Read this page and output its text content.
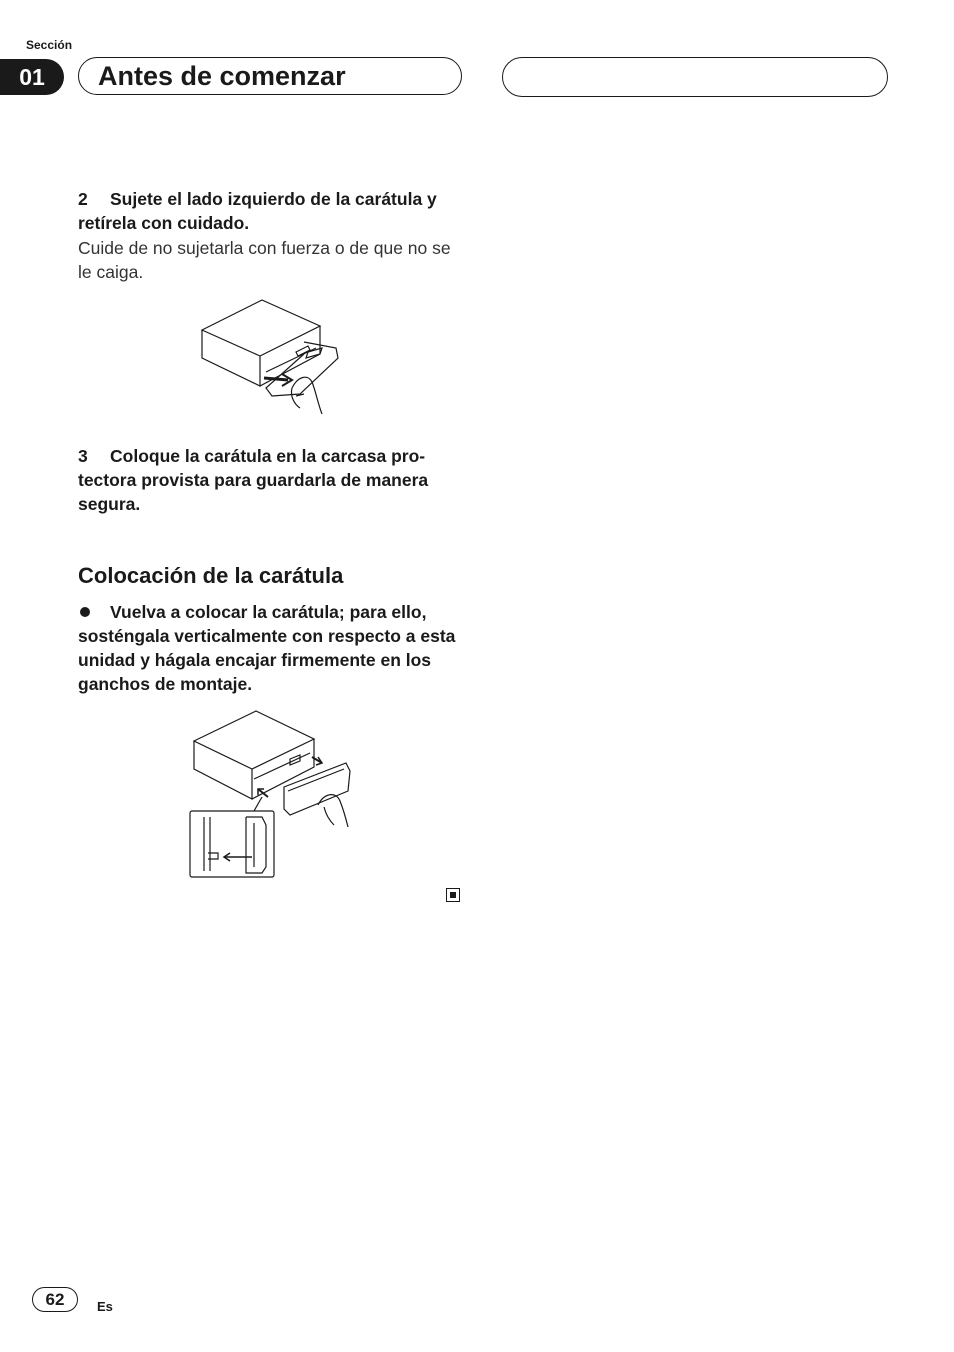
Sección
01	Antes de comenzar
2 Sujete el lado izquierdo de la carátula y retírela con cuidado.
Cuide de no sujetarla con fuerza o de que no se le caiga.
3 Coloque la carátula en la carcasa pro-tectora provista para guardarla de manera segura.
Colocación de la carátula
Vuelva a colocar la carátula; para ello, sosténgala verticalmente con respecto a esta unidad y hágala encajar firmemente en los ganchos de montaje.
62	Es
